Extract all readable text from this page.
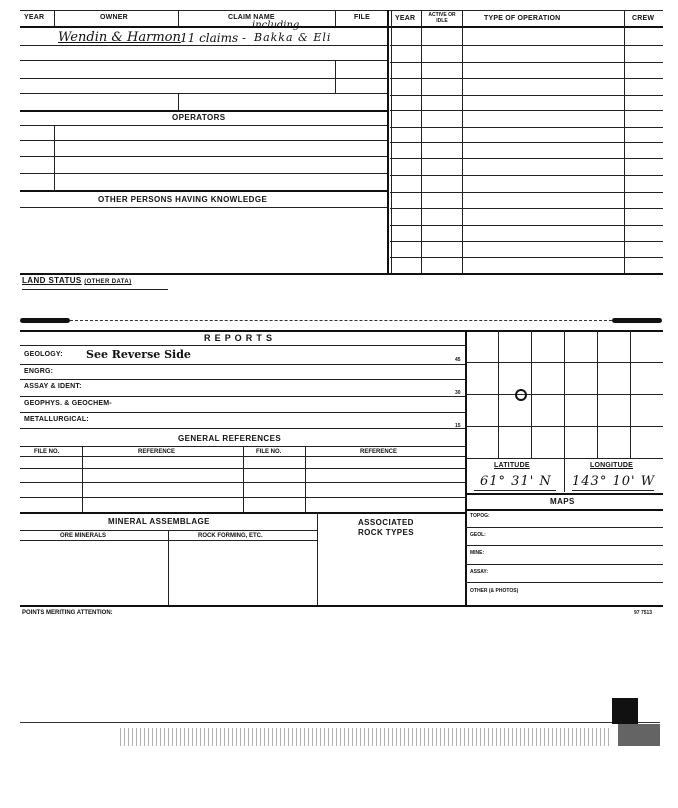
YEAR	OWNER	CLAIM NAME	FILE	YEAR	ACTIVE OR IDLE	TYPE OF OPERATION	CREW
Wendin & Harmon 11 claims -
including
Bakka & Eli
OPERATORS
OTHER PERSONS HAVING KNOWLEDGE
LAND STATUS (OTHER DATA)
R E P O R T S
GEOLOGY: See Reverse Side	45
ENGRG:
ASSAY & IDENT:
30
GEOPHYS. & GEOCHEM-
METALLURGICAL:
15
GENERAL REFERENCES
FILE NO.	REFERENCE	FILE NO.	REFERENCE
LATITUDE	LONGITUDE
61° 31' N 143° 10' W
MAPS
TOPOG:
GEOL:
MINE:
ASSAY:
OTHER (& PHOTOS)
MINERAL ASSEMBLAGE
ORE MINERALS	ROCK FORMING, ETC.
ASSOCIATED
ROCK TYPES
POINTS MERITING ATTENTION:	97 7513
